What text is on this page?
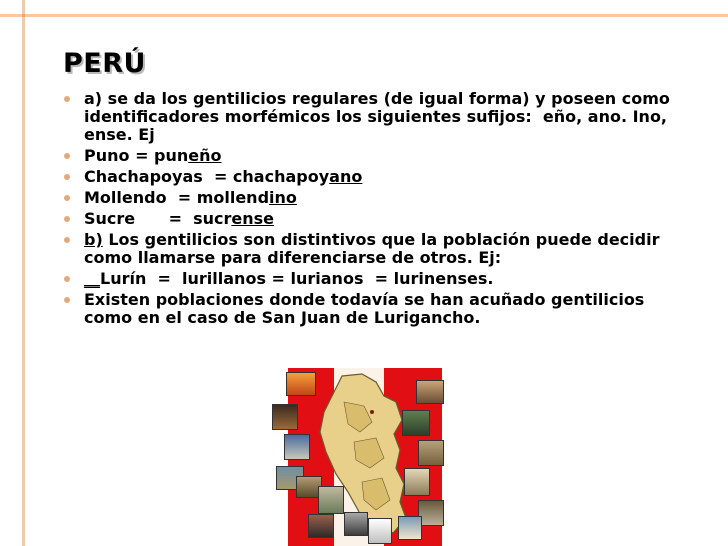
PERÚ
a) se da los gentilicios regulares (de igual forma) y poseen como identificadores morfémicos los siguientes sufijos:  eño, ano. Ino, ense. Ej
Puno = puneño
Chachapoyas  = chachapoyano
Mollendo  = mollendino
Sucre      =  sucrense
b) Los gentilicios son distintivos que la población puede decidir como llamarse para diferenciarse de otros. Ej:
__Lurín  =  lurillanos = lurianos  = lurinenses.
Existen poblaciones donde todavía se han acuñado gentilicios como en el caso de San Juan de Lurigancho.
